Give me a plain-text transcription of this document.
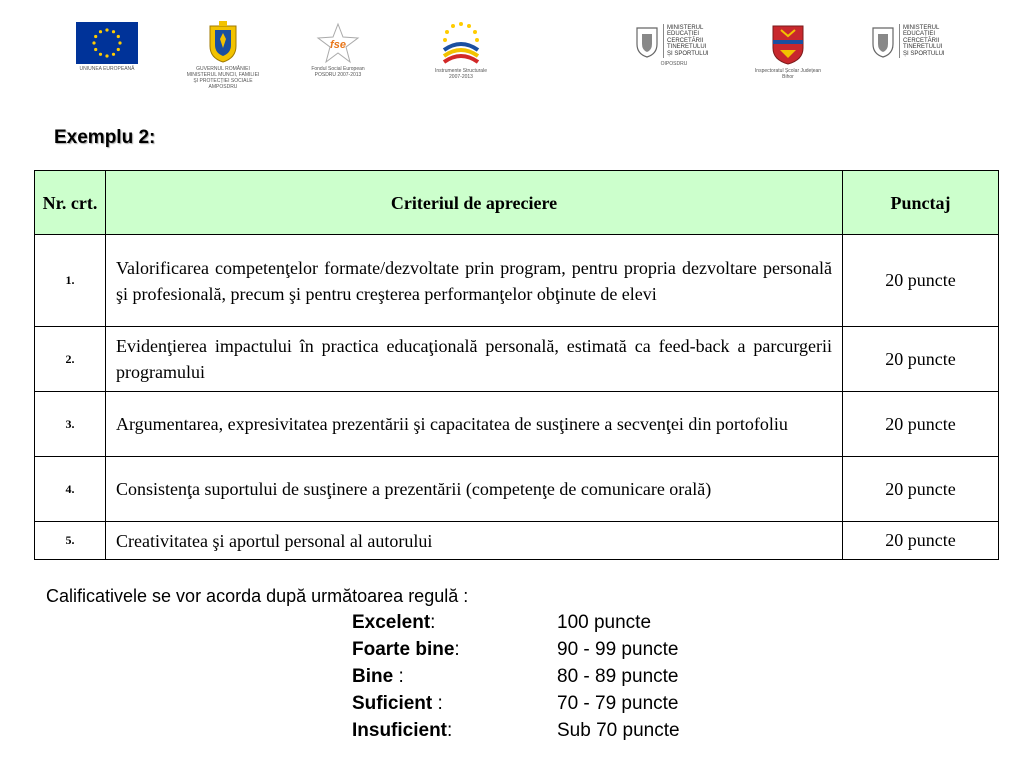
UNIUNEA EUROPEANĂ	GUVERNUL ROMÂNIEI
MINISTERUL MUNCII, FAMILIEI
ȘI PROTECȚIEI SOCIALE
AMPOSDRU
fse
Fondul Social European
POSDRU 2007-2013
Instrumente Structurale
2007-2013
MINISTERUL
EDUCAȚIEI
CERCETĂRII
TINERETULUI
ȘI SPORTULUI
OIPOSDRU
Inspectoratul Școlar Județean
Bihor
MINISTERUL
EDUCAȚIEI
CERCETĂRII
TINERETULUI
ȘI SPORTULUI
Exemplu 2:
Nr. crt.	Criteriul de apreciere	Punctaj
1.	Valorificarea competenţelor formate/dezvoltate prin program, pentru propria dezvoltare personală şi profesională, precum şi pentru creşterea performanţelor obţinute de elevi	20 puncte
2.	Evidenţierea impactului în practica educaţională personală, estimată ca feed-back a parcurgerii programului	20 puncte
3.	Argumentarea, expresivitatea prezentării şi capacitatea de susţinere a secvenţei din portofoliu	20 puncte
4.	Consistenţa suportului de susţinere a prezentării (competenţe de comunicare orală)	20 puncte
5.	Creativitatea şi aportul personal al autorului	20 puncte
Calificativele se vor acorda după următoarea regulă :
Excelent:	100 puncte
Foarte bine:	90 - 99 puncte
Bine :	80 - 89 puncte
Suficient :	70 - 79 puncte
Insuficient:	Sub 70 puncte
